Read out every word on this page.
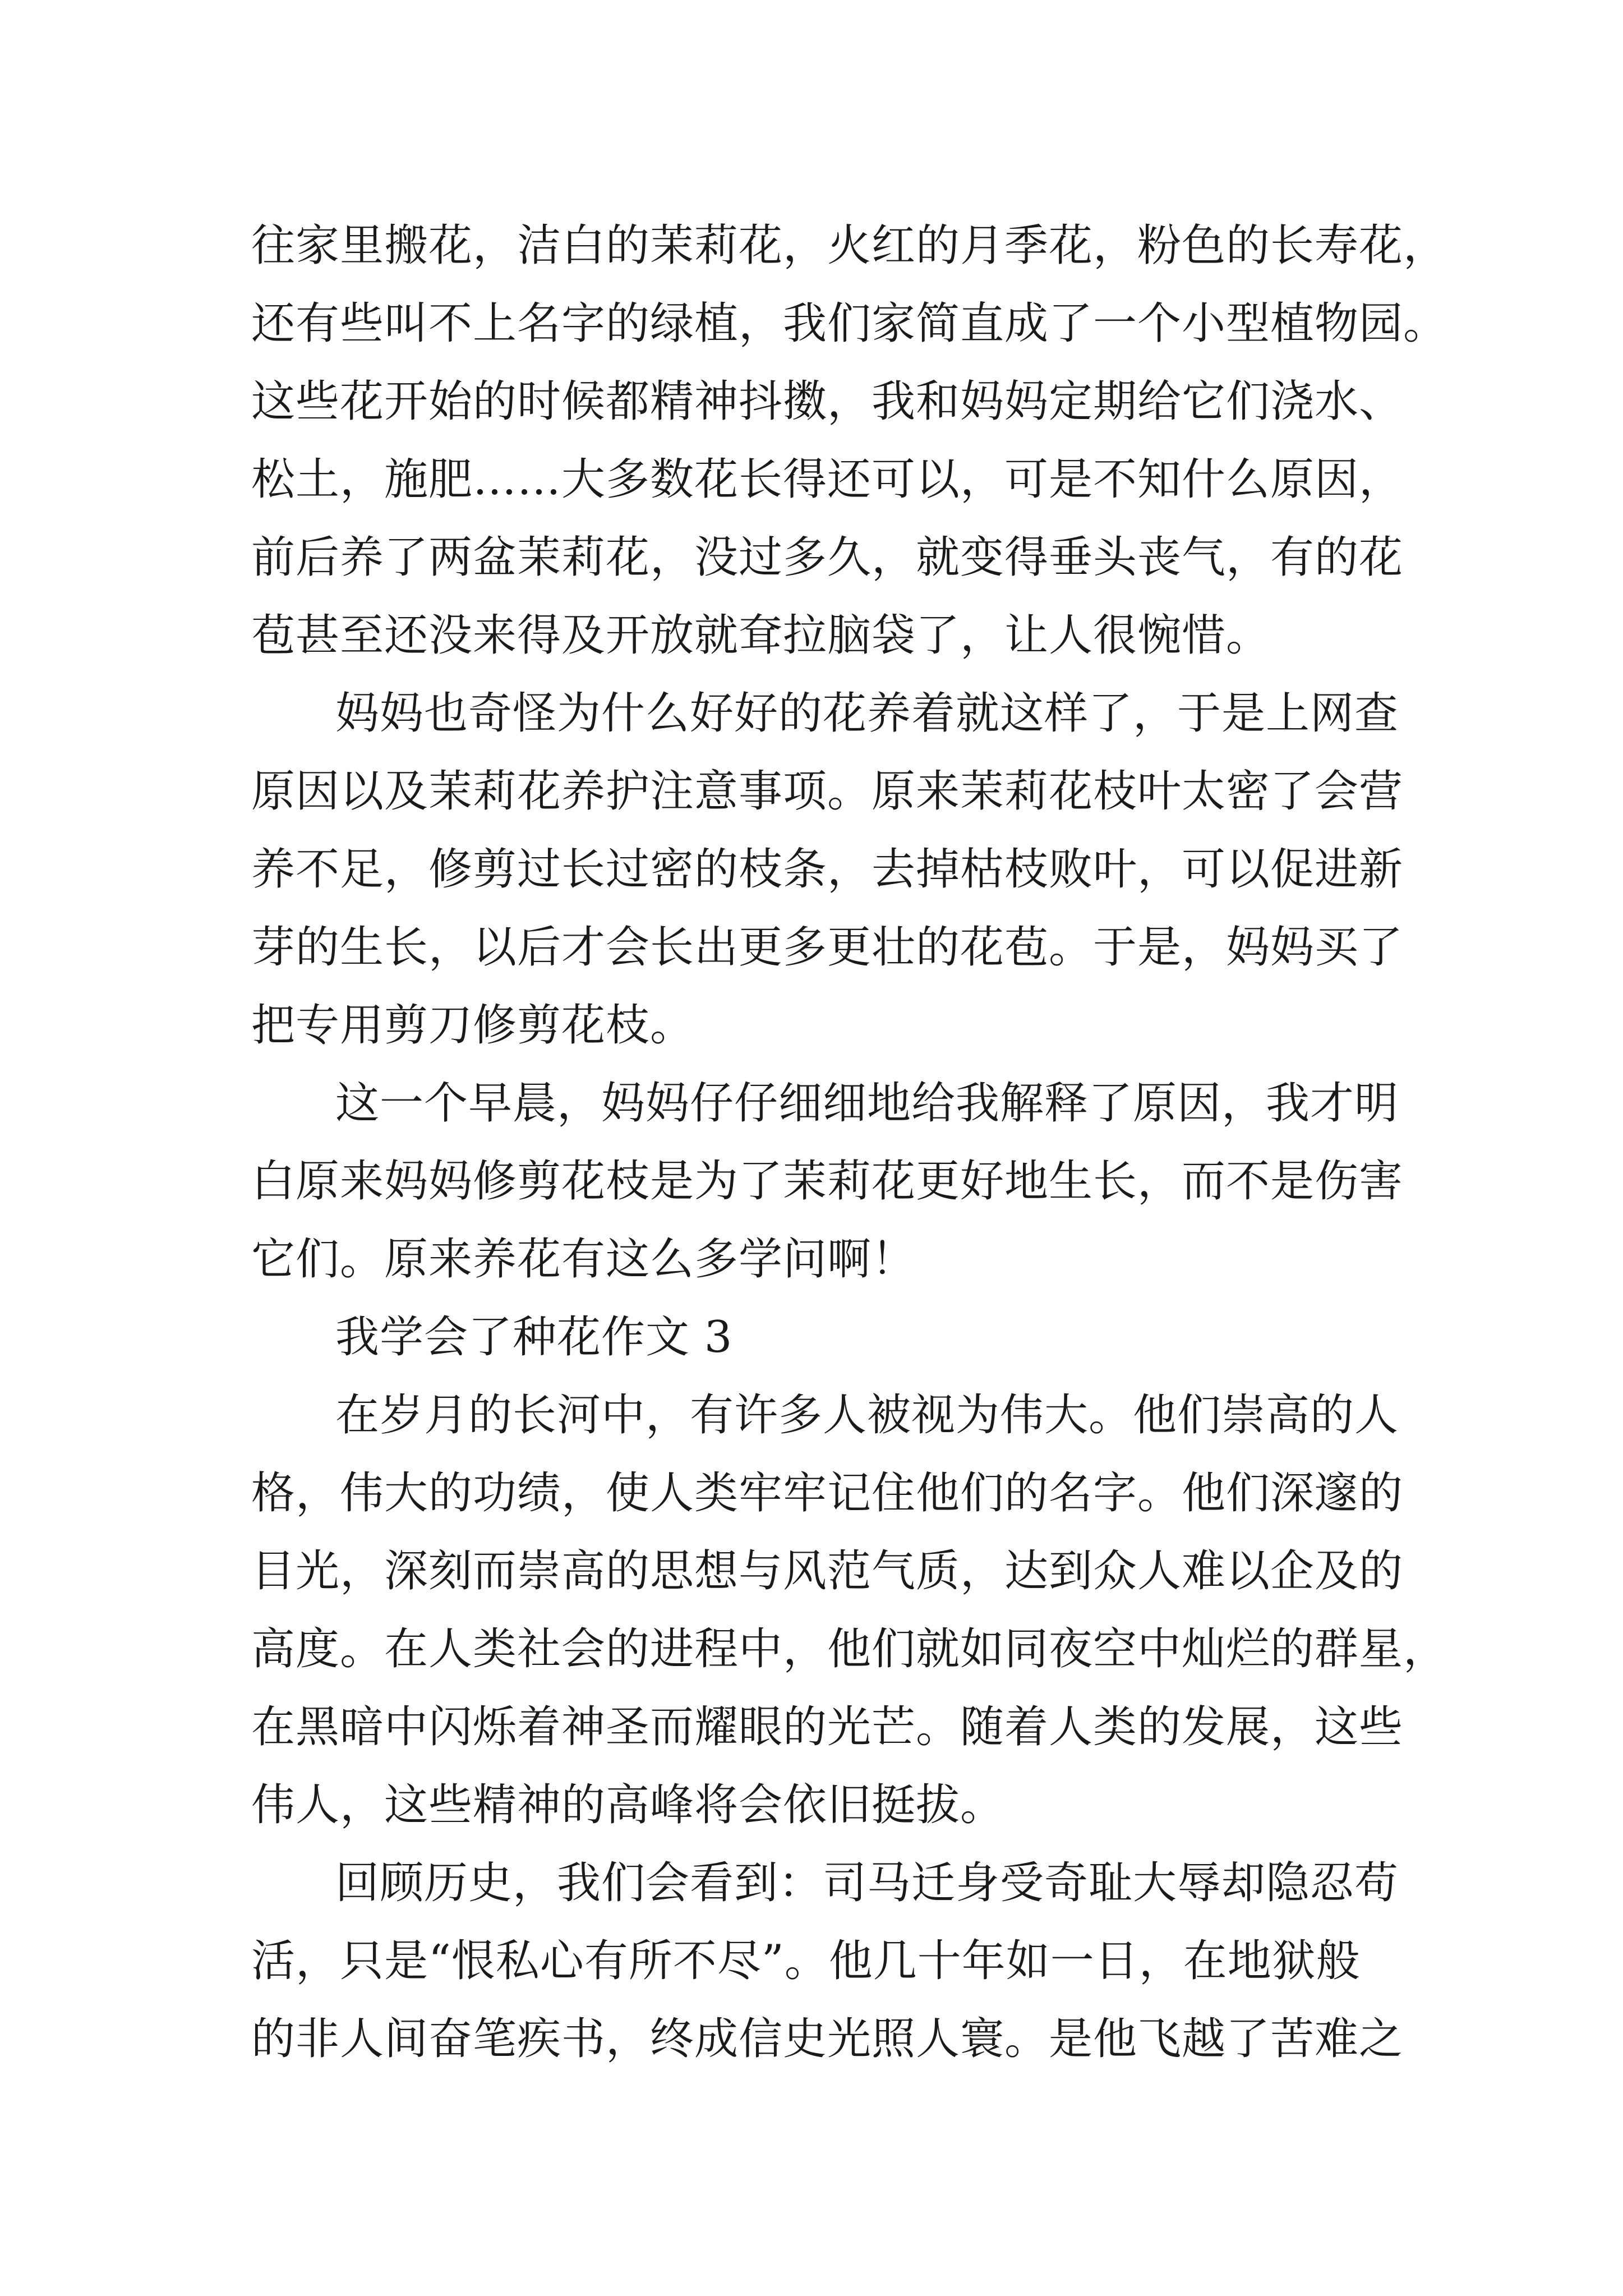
往家里搬花，洁白的茉莉花，火红的月季花，粉色的长寿花，
还有些叫不上名字的绿植，我们家简直成了一个小型植物园。
这些花开始的时候都精神抖擞，我和妈妈定期给它们浇水、
松土，施肥……大多数花长得还可以，可是不知什么原因，
前后养了两盆茉莉花，没过多久，就变得垂头丧气，有的花
苞甚至还没来得及开放就耷拉脑袋了，让人很惋惜。
妈妈也奇怪为什么好好的花养着就这样了，于是上网查
原因以及茉莉花养护注意事项。原来茉莉花枝叶太密了会营
养不足，修剪过长过密的枝条，去掉枯枝败叶，可以促进新
芽的生长，以后才会长出更多更壮的花苞。于是，妈妈买了
把专用剪刀修剪花枝。
这一个早晨，妈妈仔仔细细地给我解释了原因，我才明
白原来妈妈修剪花枝是为了茉莉花更好地生长，而不是伤害
它们。原来养花有这么多学问啊！
我学会了种花作文 3
在岁月的长河中，有许多人被视为伟大。他们崇高的人
格，伟大的功绩，使人类牢牢记住他们的名字。他们深邃的
目光，深刻而崇高的思想与风范气质，达到众人难以企及的
高度。在人类社会的进程中，他们就如同夜空中灿烂的群星，
在黑暗中闪烁着神圣而耀眼的光芒。随着人类的发展，这些
伟人，这些精神的高峰将会依旧挺拔。
回顾历史，我们会看到：司马迁身受奇耻大辱却隐忍苟
活，只是“恨私心有所不尽”。他几十年如一日，在地狱般
的非人间奋笔疾书，终成信史光照人寰。是他飞越了苦难之
